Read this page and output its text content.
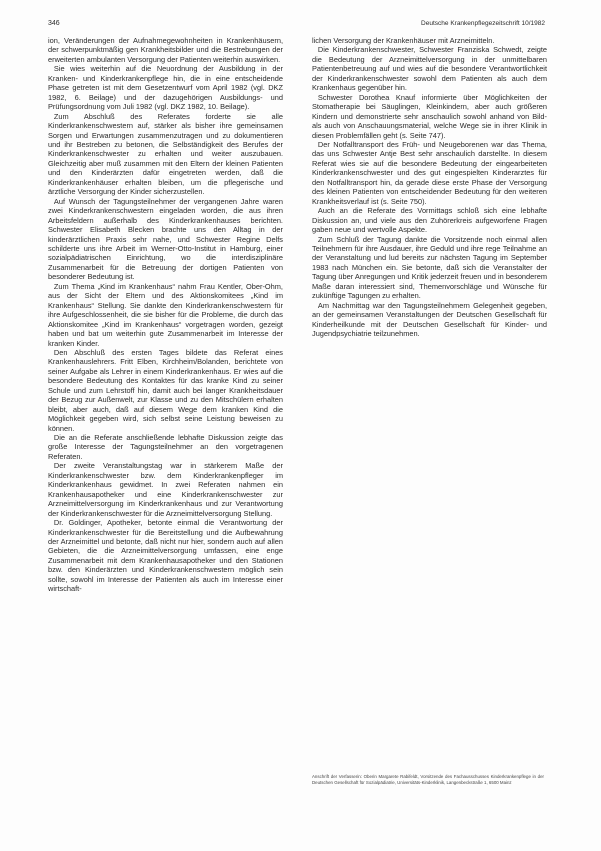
346	Deutsche Krankenpflegezeitschrift 10/1982

ion, Veränderungen der Aufnahmegewohnheiten in Krankenhäusern, der schwerpunktmäßig gen Krankheitsbilder und die Bestrebungen der erweiterten ambulanten Versorgung der Patienten weiterhin auswirken.

Sie wies weiterhin auf die Neuordnung der Ausbildung in der Kranken- und Kinderkrankenpflege hin, die in eine entscheidende Phase getreten ist mit dem Gesetzentwurf vom April 1982 (vgl. DKZ 1982, 6. Beilage) und der dazugehörigen Ausbildungs- und Prüfungsordnung vom Juli 1982 (vgl. DKZ 1982, 10. Beilage).

Zum Abschluß des Referates forderte sie alle Kinderkrankenschwestern auf, stärker als bisher ihre gemeinsamen Sorgen und Erwartungen zusammenzutragen und zu dokumentieren und ihr Bestreben zu betonen, die Selbständigkeit des Berufes der Kinderkrankenschwester zu erhalten und weiter auszubauen. Gleichzeitig aber muß zusammen mit den Eltern der kleinen Patienten und den Kinderärzten dafür eingetreten werden, daß die Kinderkrankenhäuser erhalten bleiben, um die pflegerische und ärztliche Versorgung der Kinder sicherzustellen.

Auf Wunsch der Tagungsteilnehmer der vergangenen Jahre waren zwei Kinderkrankenschwestern eingeladen worden, die aus ihren Arbeitsfeldern außerhalb des Kinderkrankenhauses berichten. Schwester Elisabeth Blecken brachte uns den Alltag in der kinderärztlichen Praxis sehr nahe, und Schwester Regine Delfs schilderte uns ihre Arbeit im Werner-Otto-Institut in Hamburg, einer sozialpädiatrischen Einrichtung, wo die interdisziplinäre Zusammenarbeit für die Betreuung der dortigen Patienten von besonderer Bedeutung ist.

Zum Thema „Kind im Krankenhaus“ nahm Frau Kentler, Ober-Ohm, aus der Sicht der Eltern und des Aktionskomitees „Kind im Krankenhaus“ Stellung. Sie dankte den Kinderkrankenschwestern für ihre Aufgeschlossenheit, die sie bisher für die Probleme, die durch das Aktionskomitee „Kind im Krankenhaus“ vorgetragen worden, gezeigt haben und bat um weiterhin gute Zusammenarbeit im Interesse der kranken Kinder.

Den Abschluß des ersten Tages bildete das Referat eines Krankenhauslehrers. Fritt Elben, Kirchheim/Bolanden, berichtete von seiner Aufgabe als Lehrer in einem Kinderkrankenhaus. Er wies auf die besondere Bedeutung des Kontaktes für das kranke Kind zu seiner Schule und zum Lehrstoff hin, damit auch bei langer Krankheitsdauer der Bezug zur Außenwelt, zur Klasse und zu den Mitschülern erhalten bleibt, aber auch, daß auf diesem Wege dem kranken Kind die Möglichkeit gegeben wird, sich selbst seine Leistung beweisen zu können.

Die an die Referate anschließende lebhafte Diskussion zeigte das große Interesse der Tagungsteilnehmer an den vorgetragenen Referaten.

Der zweite Veranstaltungstag war in stärkerem Maße der Kinderkrankenschwester bzw. dem Kinderkrankenpfleger im Kinderkrankenhaus gewidmet. In zwei Referaten nahmen ein Krankenhausapotheker und eine Kinderkrankenschwester zur Arzneimittelversorgung im Kinderkrankenhaus und zur Verantwortung der Kinderkrankenschwester für die Arzneimittelversorgung Stellung.

Dr. Goldinger, Apotheker, betonte einmal die Verantwortung der Kinderkrankenschwester für die Bereitstellung und die Aufbewahrung der Arzneimittel und betonte, daß nicht nur hier, sondern auch auf allen Gebieten, die die Arzneimittelversorgung umfassen, eine enge Zusammenarbeit mit dem Krankenhausapotheker und den Stationen bzw. den Kinderärzten und Kinderkrankenschwestern möglich sein sollte, sowohl im Interesse der Patienten als auch im Interesse einer wirtschaft-

lichen Versorgung der Krankenhäuser mit Arzneimitteln.

Die Kinderkrankenschwester, Schwester Franziska Schwedt, zeigte die Bedeutung der Arzneimittelversorgung in der unmittelbaren Patientenbetreuung auf und wies auf die besondere Verantwortlichkeit der Kinderkrankenschwester sowohl dem Patienten als auch dem Krankenhaus gegenüber hin.

Schwester Dorothea Knauf informierte über Möglichkeiten der Stomatherapie bei Säuglingen, Kleinkindern, aber auch größeren Kindern und demonstrierte sehr anschaulich sowohl anhand von Bild- als auch von Anschauungsmaterial, welche Wege sie in ihrer Klinik in diesen Problemfällen geht (s. Seite 747).

Der Notfalltransport des Früh- und Neugeborenen war das Thema, das uns Schwester Antje Best sehr anschaulich darstellte. In diesem Referat wies sie auf die besondere Bedeutung der eingearbeiteten Kinderkrankenschwester und des gut eingespielten Kinderarztes für den Notfalltransport hin, da gerade diese erste Phase der Versorgung des kleinen Patienten von entscheidender Bedeutung für den weiteren Krankheitsverlauf ist (s. Seite 750).

Auch an die Referate des Vormittags schloß sich eine lebhafte Diskussion an, und viele aus den Zuhörerkreis aufgeworfene Fragen gaben neue und wertvolle Aspekte.

Zum Schluß der Tagung dankte die Vorsitzende noch einmal allen Teilnehmern für ihre Ausdauer, ihre Geduld und ihre rege Teilnahme an der Veranstaltung und lud bereits zur nächsten Tagung im September 1983 nach München ein. Sie betonte, daß sich die Veranstalter der Tagung über Anregungen und Kritik jederzeit freuen und in besonderem Maße daran interessiert sind, Themenvorschläge und Wünsche für zukünftige Tagungen zu erhalten.

Am Nachmittag war den Tagungsteilnehmern Gelegenheit gegeben, an der gemeinsamen Veranstaltungen der Deutschen Gesellschaft für Kinderheilkunde mit der Deutschen Gesellschaft für Kinder- und Jugendpsychiatrie teilzunehmen.

Anschrift der Verfasserin: Oberin Margarete Rabifeldt, Vorsitzende des Fachausschusses Kinderkrankenpflege in der Deutschen Gesellschaft für Sozialpädiatrie, Universitäts-Kinderklinik, Langenbeckstraße 1, 6500 Mainz
